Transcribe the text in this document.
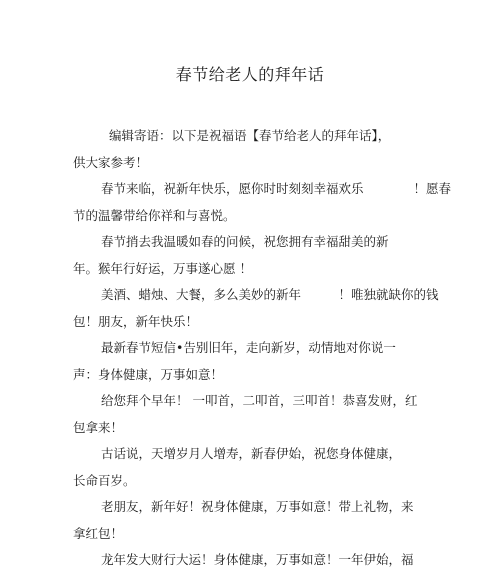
春节给老人的拜年话
编辑寄语：以下是祝福语【春节给老人的拜年话】，
供大家参考！
春节来临，祝新年快乐，愿你时时刻刻幸福欢乐　　　　！愿春
节的温馨带给你祥和与喜悦。
春节捎去我温暖如春的问候，祝您拥有幸福甜美的新
年。猴年行好运，万事遂心愿 ！
美酒、蜡烛、大餐，多么美妙的新年　　　！唯独就缺你的钱
包！朋友，新年快乐！
最新春节短信•告别旧年，走向新岁，动情地对你说一
声：身体健康，万事如意！
给您拜个早年！ 一叩首，二叩首，三叩首！恭喜发财，红
包拿来！
古话说，天增岁月人增寿，新春伊始，祝您身体健康，
长命百岁。
老朋友，新年好！祝身体健康，万事如意！带上礼物，来
拿红包！
龙年发大财行大运！身体健康，万事如意！一年伊始，福
